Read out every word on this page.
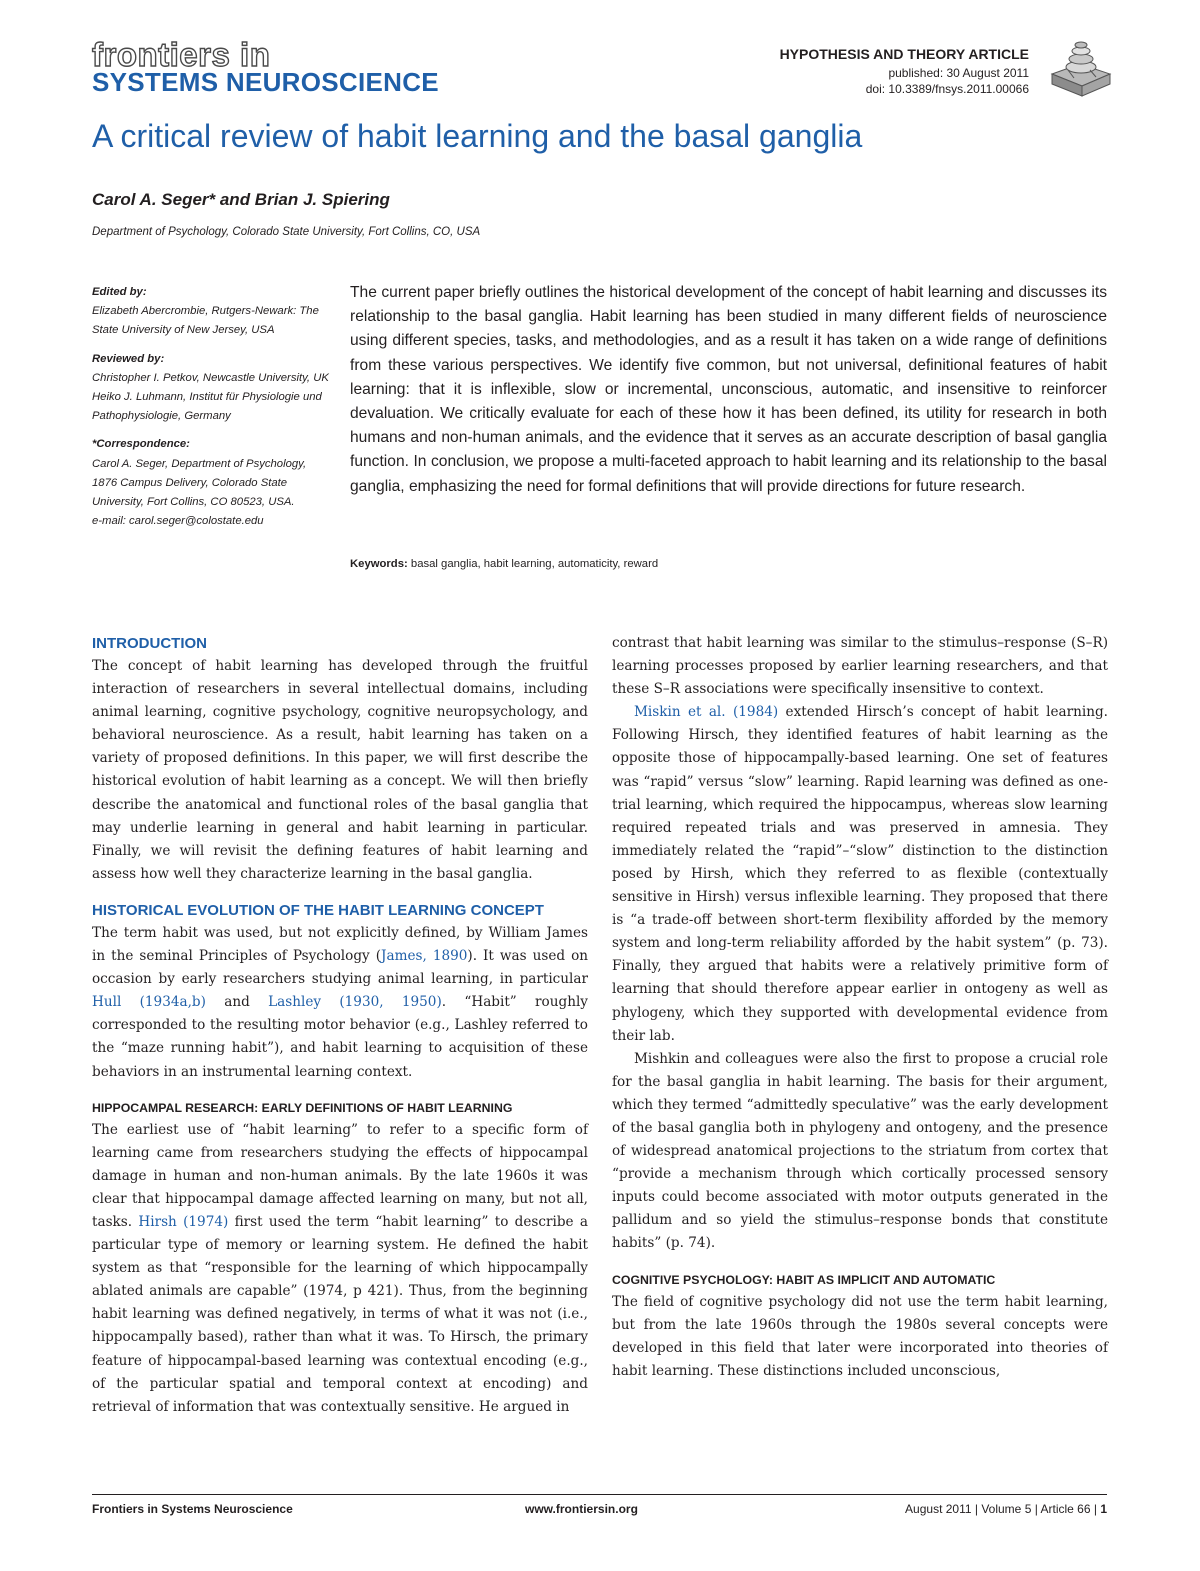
frontiers in
SYSTEMS NEUROSCIENCE
HYPOTHESIS AND THEORY ARTICLE
published: 30 August 2011
doi: 10.3389/fnsys.2011.00066
A critical review of habit learning and the basal ganglia
Carol A. Seger* and Brian J. Spiering
Department of Psychology, Colorado State University, Fort Collins, CO, USA
Edited by:
Elizabeth Abercrombie, Rutgers-Newark: The State University of New Jersey, USA
Reviewed by:
Christopher I. Petkov, Newcastle University, UK
Heiko J. Luhmann, Institut für Physiologie und Pathophysiologie, Germany
*Correspondence:
Carol A. Seger, Department of Psychology, 1876 Campus Delivery, Colorado State University, Fort Collins, CO 80523, USA.
e-mail: carol.seger@colostate.edu

The current paper briefly outlines the historical development of the concept of habit learning and discusses its relationship to the basal ganglia. Habit learning has been studied in many different fields of neuroscience using different species, tasks, and methodologies, and as a result it has taken on a wide range of definitions from these various perspectives. We identify five common, but not universal, definitional features of habit learning: that it is inflexible, slow or incremental, unconscious, automatic, and insensitive to reinforcer devaluation. We critically evaluate for each of these how it has been defined, its utility for research in both humans and non-human animals, and the evidence that it serves as an accurate description of basal ganglia function. In conclusion, we propose a multi-faceted approach to habit learning and its relationship to the basal ganglia, emphasizing the need for formal definitions that will provide directions for future research.

Keywords: basal ganglia, habit learning, automaticity, reward
INTRODUCTION

The concept of habit learning has developed through the fruitful interaction of researchers in several intellectual domains, including animal learning, cognitive psychology, cognitive neuropsychology, and behavioral neuroscience. As a result, habit learning has taken on a variety of proposed definitions. In this paper, we will first describe the historical evolution of habit learning as a concept. We will then briefly describe the anatomical and functional roles of the basal ganglia that may underlie learning in general and habit learning in particular. Finally, we will revisit the defining features of habit learning and assess how well they characterize learning in the basal ganglia.

HISTORICAL EVOLUTION OF THE HABIT LEARNING CONCEPT

The term habit was used, but not explicitly defined, by William James in the seminal Principles of Psychology (James, 1890). It was used on occasion by early researchers studying animal learning, in particular Hull (1934a,b) and Lashley (1930, 1950). “Habit” roughly corresponded to the resulting motor behavior (e.g., Lashley referred to the “maze running habit”), and habit learning to acquisition of these behaviors in an instrumental learning context.

HIPPOCAMPAL RESEARCH: EARLY DEFINITIONS OF HABIT LEARNING

The earliest use of “habit learning” to refer to a specific form of learning came from researchers studying the effects of hippocampal damage in human and non-human animals. By the late 1960s it was clear that hippocampal damage affected learning on many, but not all, tasks. Hirsh (1974) first used the term “habit learning” to describe a particular type of memory or learning system. He defined the habit system as that “responsible for the learning of which hippocampally ablated animals are capable” (1974, p 421). Thus, from the beginning habit learning was defined negatively, in terms of what it was not (i.e., hippocampally based), rather than what it was. To Hirsch, the primary feature of hippocampal-based learning was contextual encoding (e.g., of the particular spatial and temporal context at encoding) and retrieval of information that was contextually sensitive. He argued in

contrast that habit learning was similar to the stimulus–response (S–R) learning processes proposed by earlier learning researchers, and that these S–R associations were specifically insensitive to context.

Miskin et al. (1984) extended Hirsch’s concept of habit learning. Following Hirsch, they identified features of habit learning as the opposite those of hippocampally-based learning. One set of features was “rapid” versus “slow” learning. Rapid learning was defined as one-trial learning, which required the hippocampus, whereas slow learning required repeated trials and was preserved in amnesia. They immediately related the “rapid”–“slow” distinction to the distinction posed by Hirsh, which they referred to as flexible (contextually sensitive in Hirsh) versus inflexible learning. They proposed that there is “a trade-off between short-term flexibility afforded by the memory system and long-term reliability afforded by the habit system” (p. 73). Finally, they argued that habits were a relatively primitive form of learning that should therefore appear earlier in ontogeny as well as phylogeny, which they supported with developmental evidence from their lab.

Mishkin and colleagues were also the first to propose a crucial role for the basal ganglia in habit learning. The basis for their argument, which they termed “admittedly speculative” was the early development of the basal ganglia both in phylogeny and ontogeny, and the presence of widespread anatomical projections to the striatum from cortex that “provide a mechanism through which cortically processed sensory inputs could become associated with motor outputs generated in the pallidum and so yield the stimulus–response bonds that constitute habits” (p. 74).

COGNITIVE PSYCHOLOGY: HABIT AS IMPLICIT AND AUTOMATIC

The field of cognitive psychology did not use the term habit learning, but from the late 1960s through the 1980s several concepts were developed in this field that later were incorporated into theories of habit learning. These distinctions included unconscious,

Frontiers in Systems Neuroscience	www.frontiersin.org	August 2011 | Volume 5 | Article 66 | 1
